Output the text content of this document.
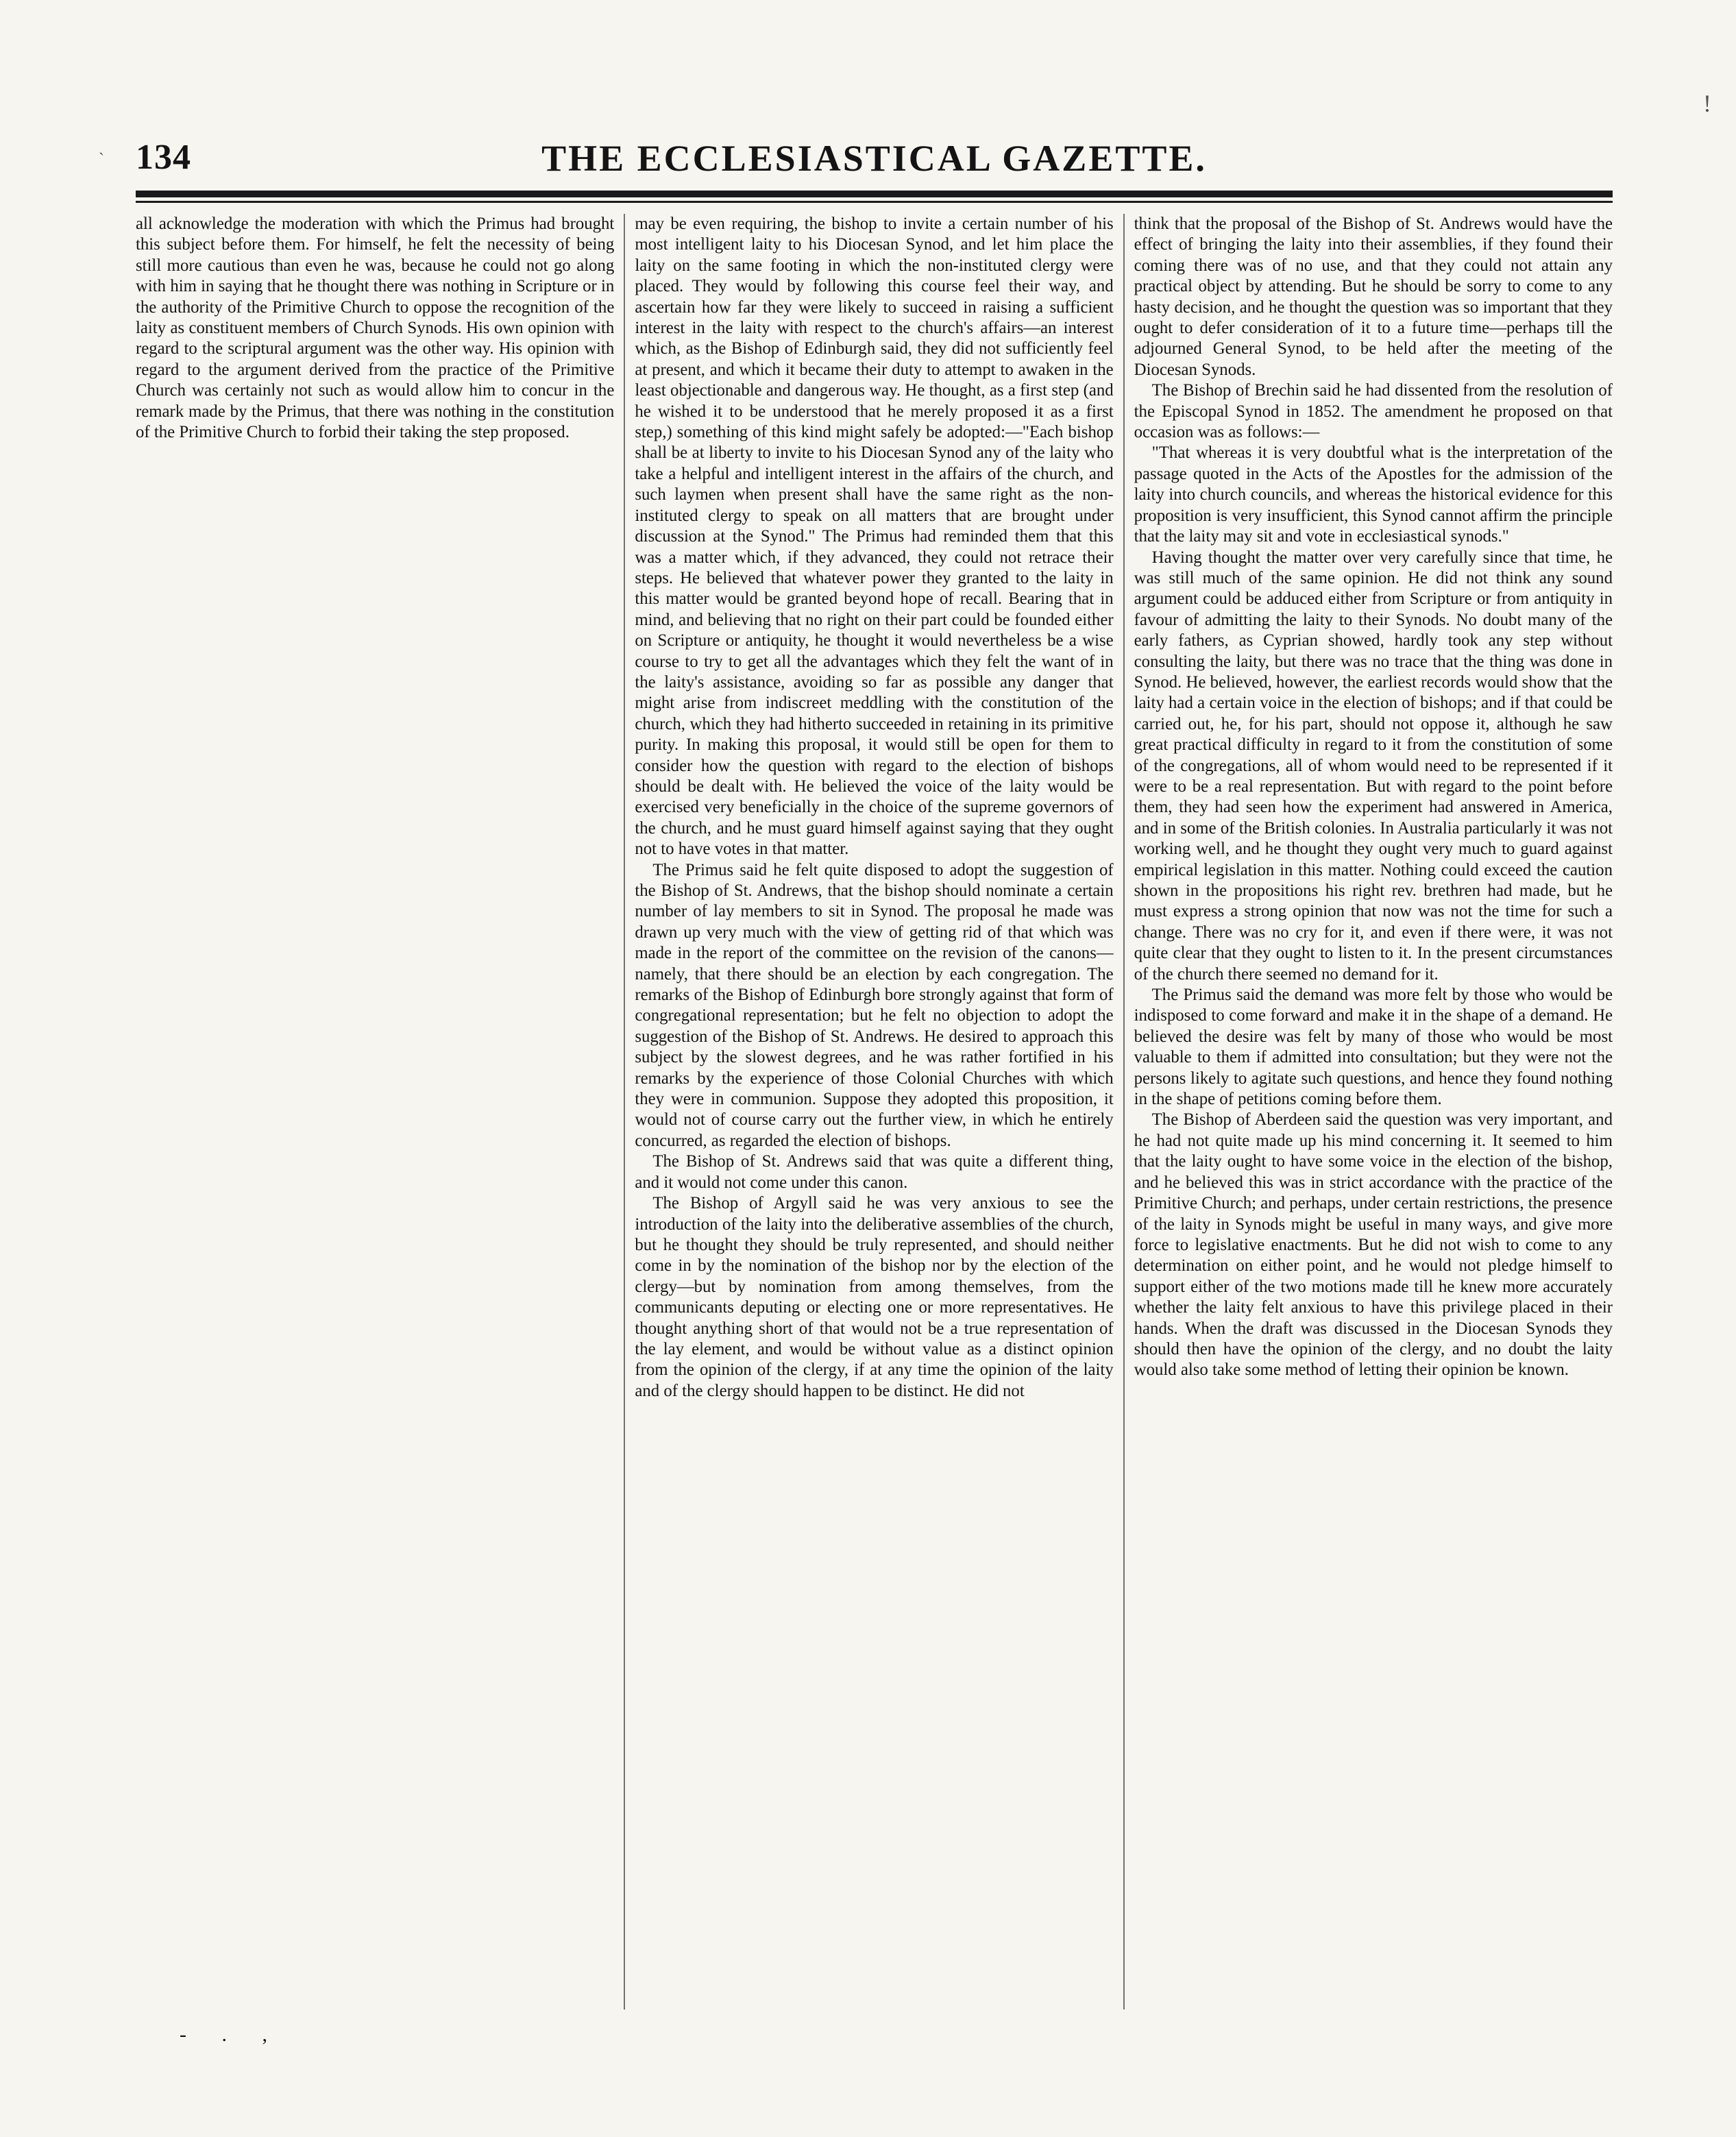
`
!
134	THE ECCLESIASTICAL GAZETTE.

all acknowledge the moderation with which the Primus had brought this subject before them. For himself, he felt the necessity of being still more cautious than even he was, because he could not go along with him in saying that he thought there was nothing in Scripture or in the authority of the Primitive Church to oppose the recognition of the laity as constituent members of Church Synods. His own opinion with regard to the scriptural argument was the other way. His opinion with regard to the argument derived from the practice of the Primitive Church was certainly not such as would allow him to concur in the remark made by the Primus, that there was nothing in the constitution of the Primitive Church to forbid their taking the step proposed.

may be even requiring, the bishop to invite a certain number of his most intelligent laity to his Diocesan Synod, and let him place the laity on the same footing in which the non-instituted clergy were placed. They would by following this course feel their way, and ascertain how far they were likely to succeed in raising a sufficient interest in the laity with respect to the church's affairs—an interest which, as the Bishop of Edinburgh said, they did not sufficiently feel at present, and which it became their duty to attempt to awaken in the least objectionable and dangerous way. He thought, as a first step (and he wished it to be understood that he merely proposed it as a first step,) something of this kind might safely be adopted:—"Each bishop shall be at liberty to invite to his Diocesan Synod any of the laity who take a helpful and intelligent interest in the affairs of the church, and such laymen when present shall have the same right as the non-instituted clergy to speak on all matters that are brought under discussion at the Synod." The Primus had reminded them that this was a matter which, if they advanced, they could not retrace their steps. He believed that whatever power they granted to the laity in this matter would be granted beyond hope of recall. Bearing that in mind, and believing that no right on their part could be founded either on Scripture or antiquity, he thought it would nevertheless be a wise course to try to get all the advantages which they felt the want of in the laity's assistance, avoiding so far as possible any danger that might arise from indiscreet meddling with the constitution of the church, which they had hitherto succeeded in retaining in its primitive purity. In making this proposal, it would still be open for them to consider how the question with regard to the election of bishops should be dealt with. He believed the voice of the laity would be exercised very beneficially in the choice of the supreme governors of the church, and he must guard himself against saying that they ought not to have votes in that matter.

The Primus said he felt quite disposed to adopt the suggestion of the Bishop of St. Andrews, that the bishop should nominate a certain number of lay members to sit in Synod. The proposal he made was drawn up very much with the view of getting rid of that which was made in the report of the committee on the revision of the canons—namely, that there should be an election by each congregation. The remarks of the Bishop of Edinburgh bore strongly against that form of congregational representation; but he felt no objection to adopt the suggestion of the Bishop of St. Andrews. He desired to approach this subject by the slowest degrees, and he was rather fortified in his remarks by the experience of those Colonial Churches with which they were in communion. Suppose they adopted this proposition, it would not of course carry out the further view, in which he entirely concurred, as regarded the election of bishops.

The Bishop of St. Andrews said that was quite a different thing, and it would not come under this canon.

The Bishop of Argyll said he was very anxious to see the introduction of the laity into the deliberative assemblies of the church, but he thought they should be truly represented, and should neither come in by the nomination of the bishop nor by the election of the clergy—but by nomination from among themselves, from the communicants deputing or electing one or more representatives. He thought anything short of that would not be a true representation of the lay element, and would be without value as a distinct opinion from the opinion of the clergy, if at any time the opinion of the laity and of the clergy should happen to be distinct. He did not

think that the proposal of the Bishop of St. Andrews would have the effect of bringing the laity into their assemblies, if they found their coming there was of no use, and that they could not attain any practical object by attending. But he should be sorry to come to any hasty decision, and he thought the question was so important that they ought to defer consideration of it to a future time—perhaps till the adjourned General Synod, to be held after the meeting of the Diocesan Synods.

The Bishop of Brechin said he had dissented from the resolution of the Episcopal Synod in 1852. The amendment he proposed on that occasion was as follows:—

"That whereas it is very doubtful what is the interpretation of the passage quoted in the Acts of the Apostles for the admission of the laity into church councils, and whereas the historical evidence for this proposition is very insufficient, this Synod cannot affirm the principle that the laity may sit and vote in ecclesiastical synods."

Having thought the matter over very carefully since that time, he was still much of the same opinion. He did not think any sound argument could be adduced either from Scripture or from antiquity in favour of admitting the laity to their Synods. No doubt many of the early fathers, as Cyprian showed, hardly took any step without consulting the laity, but there was no trace that the thing was done in Synod. He believed, however, the earliest records would show that the laity had a certain voice in the election of bishops; and if that could be carried out, he, for his part, should not oppose it, although he saw great practical difficulty in regard to it from the constitution of some of the congregations, all of whom would need to be represented if it were to be a real representation. But with regard to the point before them, they had seen how the experiment had answered in America, and in some of the British colonies. In Australia particularly it was not working well, and he thought they ought very much to guard against empirical legislation in this matter. Nothing could exceed the caution shown in the propositions his right rev. brethren had made, but he must express a strong opinion that now was not the time for such a change. There was no cry for it, and even if there were, it was not quite clear that they ought to listen to it. In the present circumstances of the church there seemed no demand for it.

The Primus said the demand was more felt by those who would be indisposed to come forward and make it in the shape of a demand. He believed the desire was felt by many of those who would be most valuable to them if admitted into consultation; but they were not the persons likely to agitate such questions, and hence they found nothing in the shape of petitions coming before them.

The Bishop of Aberdeen said the question was very important, and he had not quite made up his mind concerning it. It seemed to him that the laity ought to have some voice in the election of the bishop, and he believed this was in strict accordance with the practice of the Primitive Church; and perhaps, under certain restrictions, the presence of the laity in Synods might be useful in many ways, and give more force to legislative enactments. But he did not wish to come to any determination on either point, and he would not pledge himself to support either of the two motions made till he knew more accurately whether the laity felt anxious to have this privilege placed in their hands. When the draft was discussed in the Diocesan Synods they should then have the opinion of the clergy, and no doubt the laity would also take some method of letting their opinion be known.

- . ,
